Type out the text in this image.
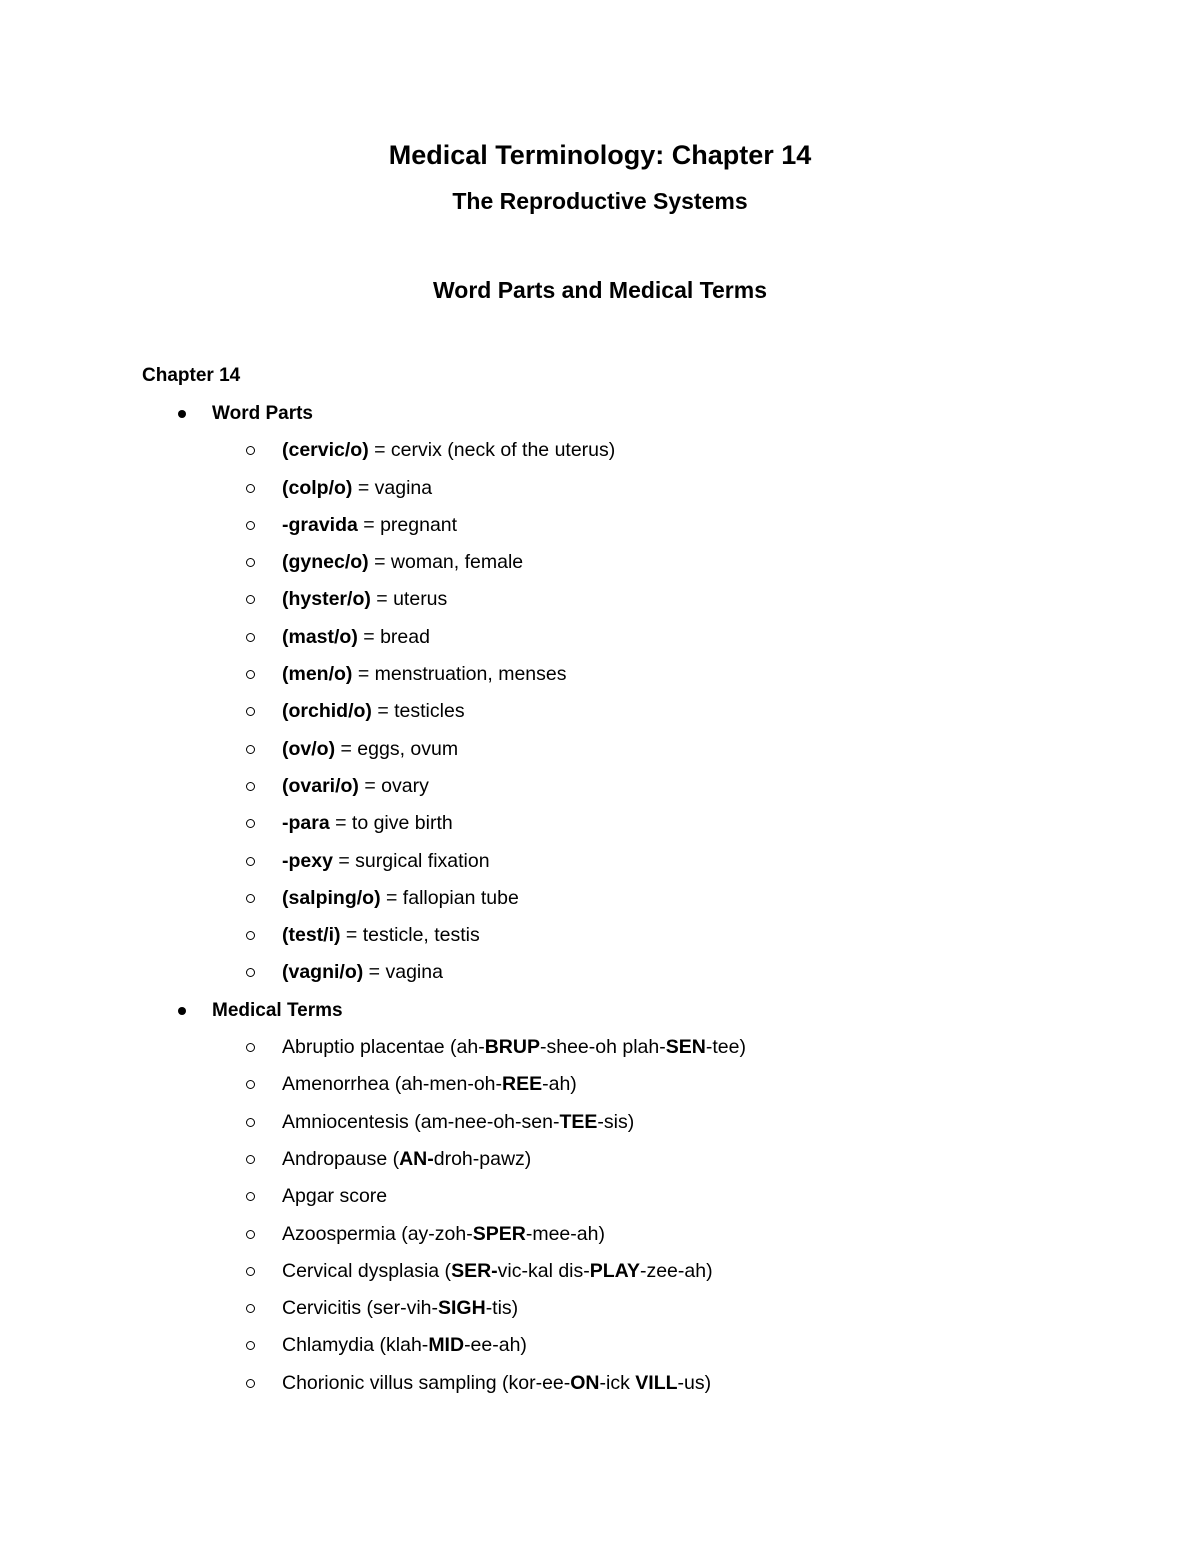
Medical Terminology: Chapter 14
The Reproductive Systems
Word Parts and Medical Terms

Chapter 14

Word Parts
(cervic/o) = cervix (neck of the uterus)
(colp/o) = vagina
-gravida = pregnant
(gynec/o) = woman, female
(hyster/o) = uterus
(mast/o) = bread
(men/o) = menstruation, menses
(orchid/o) = testicles
(ov/o) = eggs, ovum
(ovari/o) = ovary
-para = to give birth
-pexy = surgical fixation
(salping/o) = fallopian tube
(test/i) = testicle, testis
(vagni/o) = vagina
Medical Terms
Abruptio placentae (ah-BRUP-shee-oh plah-SEN-tee)
Amenorrhea (ah-men-oh-REE-ah)
Amniocentesis (am-nee-oh-sen-TEE-sis)
Andropause (AN-droh-pawz)
Apgar score
Azoospermia (ay-zoh-SPER-mee-ah)
Cervical dysplasia (SER-vic-kal dis-PLAY-zee-ah)
Cervicitis (ser-vih-SIGH-tis)
Chlamydia (klah-MID-ee-ah)
Chorionic villus sampling (kor-ee-ON-ick VILL-us)
